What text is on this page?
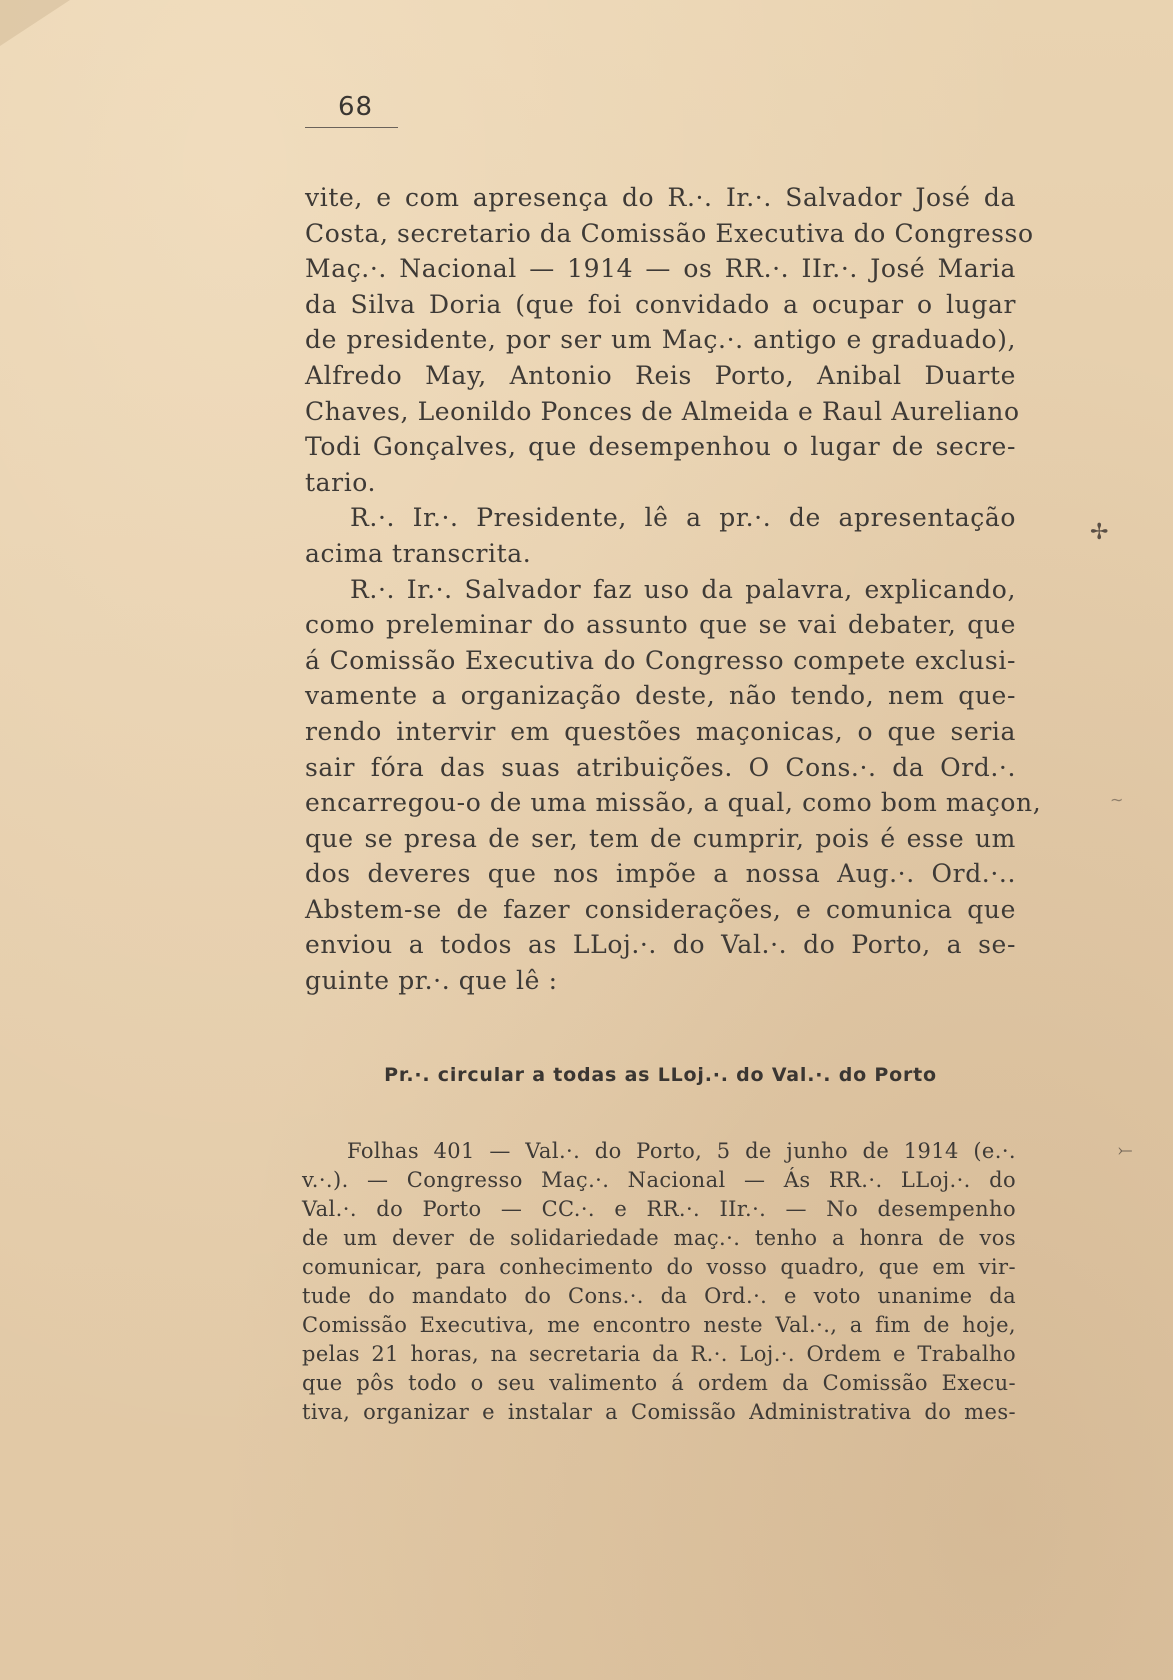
68
vite, e com apresença do R.·. Ir.·. Salvador José da
Costa, secretario da Comissão Executiva do Congresso
Maç.·. Nacional — 1914 — os RR.·. IIr.·. José Maria
da Silva Doria (que foi convidado a ocupar o lugar
de presidente, por ser um Maç.·. antigo e graduado),
Alfredo May, Antonio Reis Porto, Anibal Duarte
Chaves, Leonildo Ponces de Almeida e Raul Aureliano
Todi Gonçalves, que desempenhou o lugar de secre-
tario.
R.·. Ir.·. Presidente, lê a pr.·. de apresentação
acima transcrita.
R.·. Ir.·. Salvador faz uso da palavra, explicando,
como preleminar do assunto que se vai debater, que
á Comissão Executiva do Congresso compete exclusi-
vamente a organização deste, não tendo, nem que-
rendo intervir em questões maçonicas, o que seria
sair fóra das suas atribuições. O Cons.·. da Ord.·.
encarregou-o de uma missão, a qual, como bom maçon,
que se presa de ser, tem de cumprir, pois é esse um
dos deveres que nos impõe a nossa Aug.·. Ord.·..
Abstem-se de fazer considerações, e comunica que
enviou a todos as LLoj.·. do Val.·. do Porto, a se-
guinte pr.·. que lê :
Pr.·. circular a todas as LLoj.·. do Val.·. do Porto
Folhas 401 — Val.·. do Porto, 5 de junho de 1914 (e.·.
v.·.). — Congresso Maç.·. Nacional — Ás RR.·. LLoj.·. do
Val.·. do Porto — CC.·. e RR.·. IIr.·. — No desempenho
de um dever de solidariedade maç.·. tenho a honra de vos
comunicar, para conhecimento do vosso quadro, que em vir-
tude do mandato do Cons.·. da Ord.·. e voto unanime da
Comissão Executiva, me encontro neste Val.·., a fim de hoje,
pelas 21 horas, na secretaria da R.·. Loj.·. Ordem e Trabalho
que pôs todo o seu valimento á ordem da Comissão Execu-
tiva, organizar e instalar a Comissão Administrativa do mes-
✢
∼
⤚
